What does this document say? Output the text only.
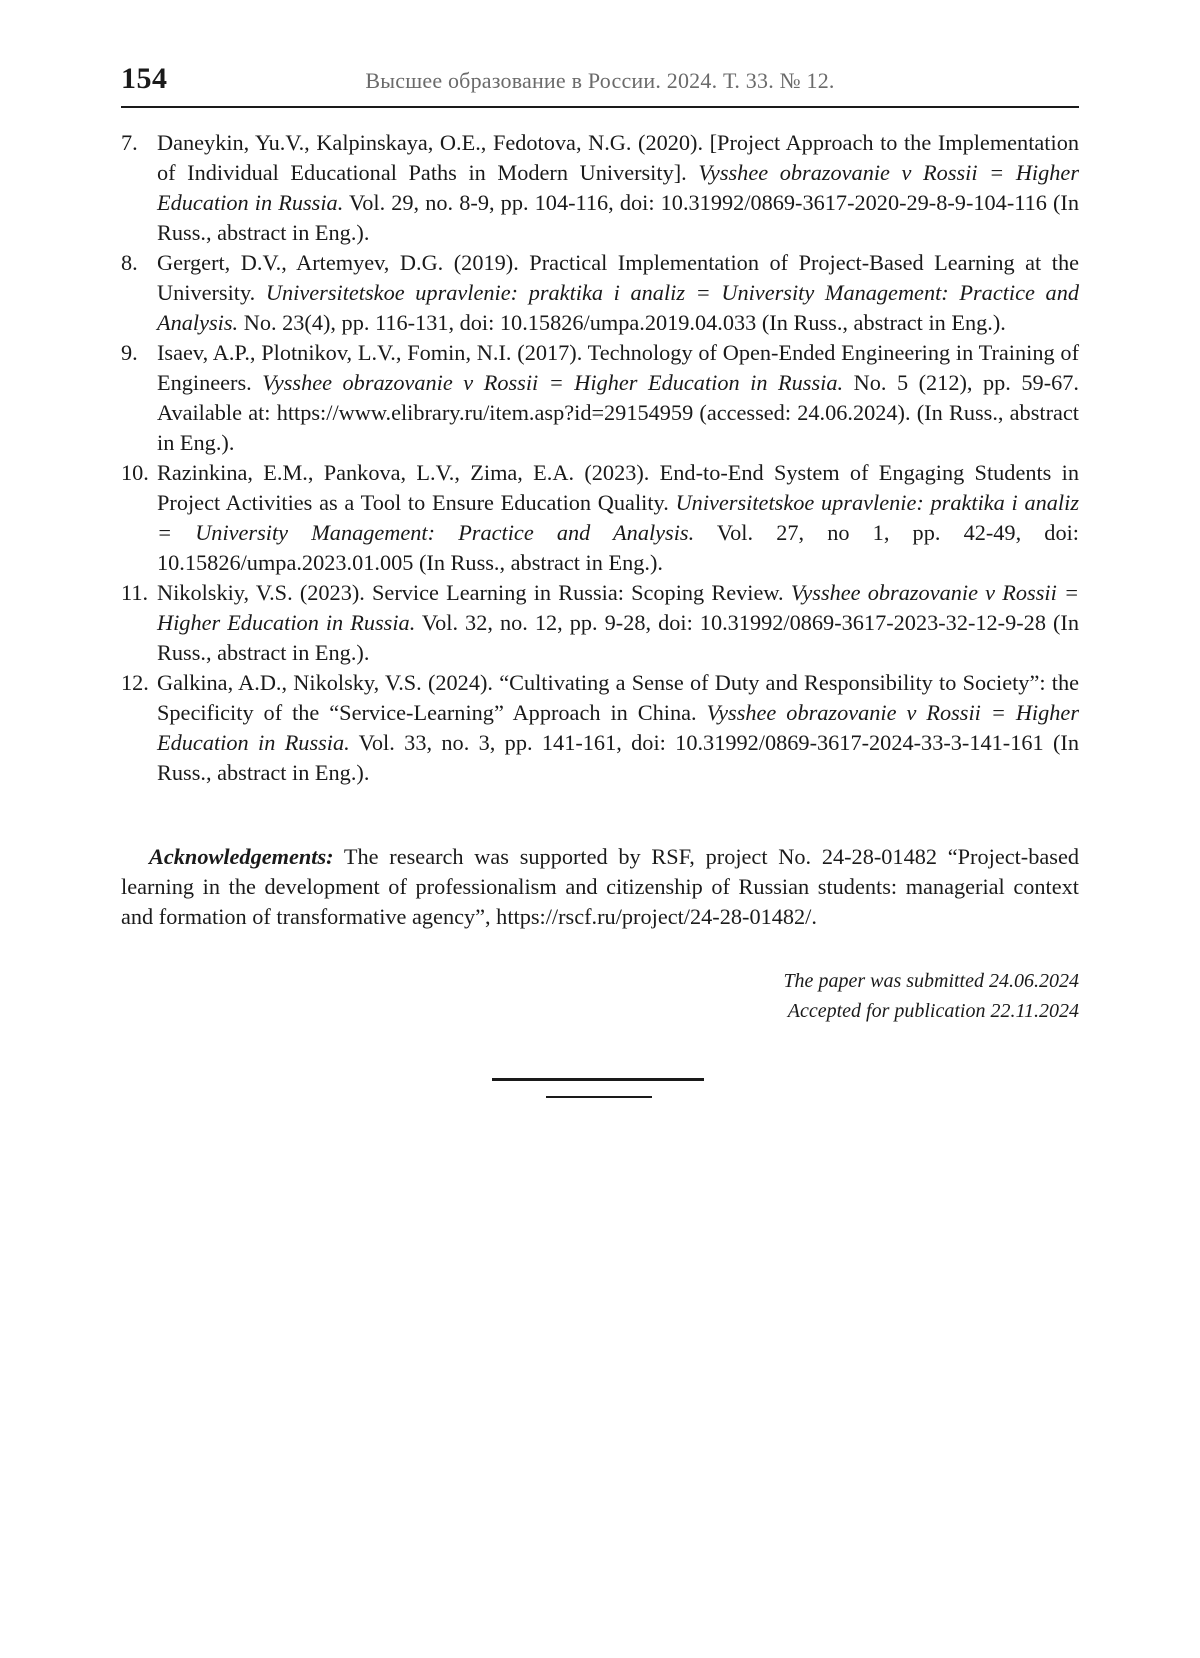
154	Высшее образование в России. 2024. Т. 33. № 12.
7. Daneykin, Yu.V., Kalpinskaya, O.E., Fedotova, N.G. (2020). [Project Approach to the Implementation of Individual Educational Paths in Modern University]. Vysshee obrazovanie v Rossii = Higher Education in Russia. Vol. 29, no. 8-9, pp. 104-116, doi: 10.31992/0869-3617-2020-29-8-9-104-116 (In Russ., abstract in Eng.).
8. Gergert, D.V., Artemyev, D.G. (2019). Practical Implementation of Project-Based Learning at the University. Universitetskoe upravlenie: praktika i analiz = University Management: Practice and Analysis. No. 23(4), pp. 116-131, doi: 10.15826/umpa.2019.04.033 (In Russ., abstract in Eng.).
9. Isaev, A.P., Plotnikov, L.V., Fomin, N.I. (2017). Technology of Open-Ended Engineering in Training of Engineers. Vysshee obrazovanie v Rossii = Higher Education in Russia. No. 5 (212), pp. 59-67. Available at: https://www.elibrary.ru/item.asp?id=29154959 (accessed: 24.06.2024). (In Russ., abstract in Eng.).
10. Razinkina, E.M., Pankova, L.V., Zima, E.A. (2023). End-to-End System of Engaging Students in Project Activities as a Tool to Ensure Education Quality. Universitetskoe upravlenie: praktika i analiz = University Management: Practice and Analysis. Vol. 27, no 1, pp. 42-49, doi: 10.15826/umpa.2023.01.005 (In Russ., abstract in Eng.).
11. Nikolskiy, V.S. (2023). Service Learning in Russia: Scoping Review. Vysshee obrazovanie v Rossii = Higher Education in Russia. Vol. 32, no. 12, pp. 9-28, doi: 10.31992/0869-3617-2023-32-12-9-28 (In Russ., abstract in Eng.).
12. Galkina, A.D., Nikolsky, V.S. (2024). “Cultivating a Sense of Duty and Responsibility to Society”: the Specificity of the “Service-Learning” Approach in China. Vysshee obrazovanie v Rossii = Higher Education in Russia. Vol. 33, no. 3, pp. 141-161, doi: 10.31992/0869-3617-2024-33-3-141-161 (In Russ., abstract in Eng.).

Acknowledgements: The research was supported by RSF, project No. 24-28-01482 “Project-based learning in the development of professionalism and citizenship of Russian students: managerial context and formation of transformative agency”, https://rscf.ru/project/24-28-01482/.

The paper was submitted 24.06.2024
Accepted for publication 22.11.2024
